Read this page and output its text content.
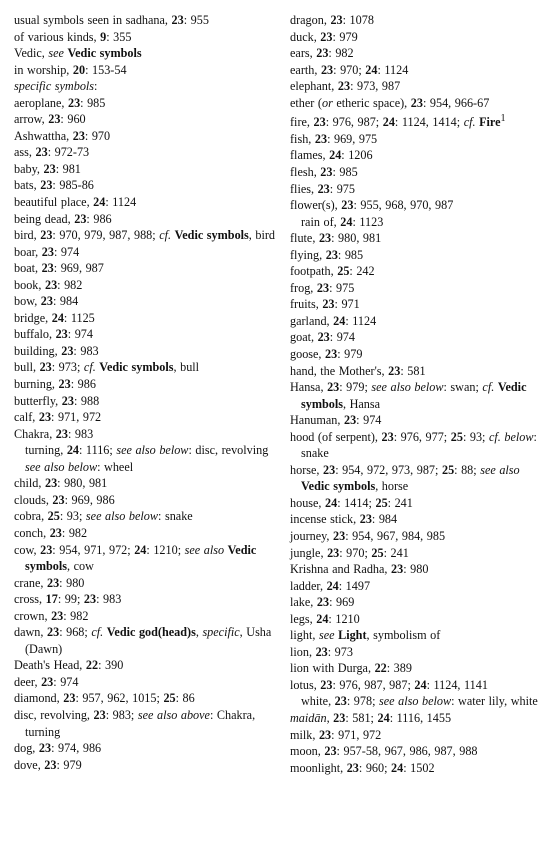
usual symbols seen in sadhana, 23: 955

of various kinds, 9: 355

Vedic, see Vedic symbols

in worship, 20: 153-54

specific symbols:

aeroplane, 23: 985

arrow, 23: 960

Ashwattha, 23: 970

ass, 23: 972-73

baby, 23: 981

bats, 23: 985-86

beautiful place, 24: 1124

being dead, 23: 986

bird, 23: 970, 979, 987, 988; cf. Vedic symbols, bird

boar, 23: 974

boat, 23: 969, 987

book, 23: 982

bow, 23: 984

bridge, 24: 1125

buffalo, 23: 974

building, 23: 983

bull, 23: 973; cf. Vedic symbols, bull

burning, 23: 986

butterfly, 23: 988

calf, 23: 971, 972

Chakra, 23: 983

turning, 24: 1116; see also below: disc, revolving

see also below: wheel

child, 23: 980, 981

clouds, 23: 969, 986

cobra, 25: 93; see also below: snake

conch, 23: 982

cow, 23: 954, 971, 972; 24: 1210; see also Vedic symbols, cow

crane, 23: 980

cross, 17: 99; 23: 983

crown, 23: 982

dawn, 23: 968; cf. Vedic god(head)s, specific, Usha (Dawn)

Death's Head, 22: 390

deer, 23: 974

diamond, 23: 957, 962, 1015; 25: 86

disc, revolving, 23: 983; see also above: Chakra, turning

dog, 23: 974, 986

dove, 23: 979

dragon, 23: 1078

duck, 23: 979

ears, 23: 982

earth, 23: 970; 24: 1124

elephant, 23: 973, 987

ether (or etheric space), 23: 954, 966-67

fire, 23: 976, 987; 24: 1124, 1414; cf. Fire$^1$

fish, 23: 969, 975

flames, 24: 1206

flesh, 23: 985

flies, 23: 975

flower(s), 23: 955, 968, 970, 987

rain of, 24: 1123

flute, 23: 980, 981

flying, 23: 985

footpath, 25: 242

frog, 23: 975

fruits, 23: 971

garland, 24: 1124

goat, 23: 974

goose, 23: 979

hand, the Mother's, 23: 581

Hansa, 23: 979; see also below: swan; cf. Vedic symbols, Hansa

Hanuman, 23: 974

hood (of serpent), 23: 976, 977; 25: 93; cf. below: snake

horse, 23: 954, 972, 973, 987; 25: 88; see also Vedic symbols, horse

house, 24: 1414; 25: 241

incense stick, 23: 984

journey, 23: 954, 967, 984, 985

jungle, 23: 970; 25: 241

Krishna and Radha, 23: 980

ladder, 24: 1497

lake, 23: 969

legs, 24: 1210

light, see Light, symbolism of

lion, 23: 973

lion with Durga, 22: 389

lotus, 23: 976, 987, 987; 24: 1124, 1141

white, 23: 978; see also below: water lily, white

maidān, 23: 581; 24: 1116, 1455

milk, 23: 971, 972

moon, 23: 957-58, 967, 986, 987, 988

moonlight, 23: 960; 24: 1502
